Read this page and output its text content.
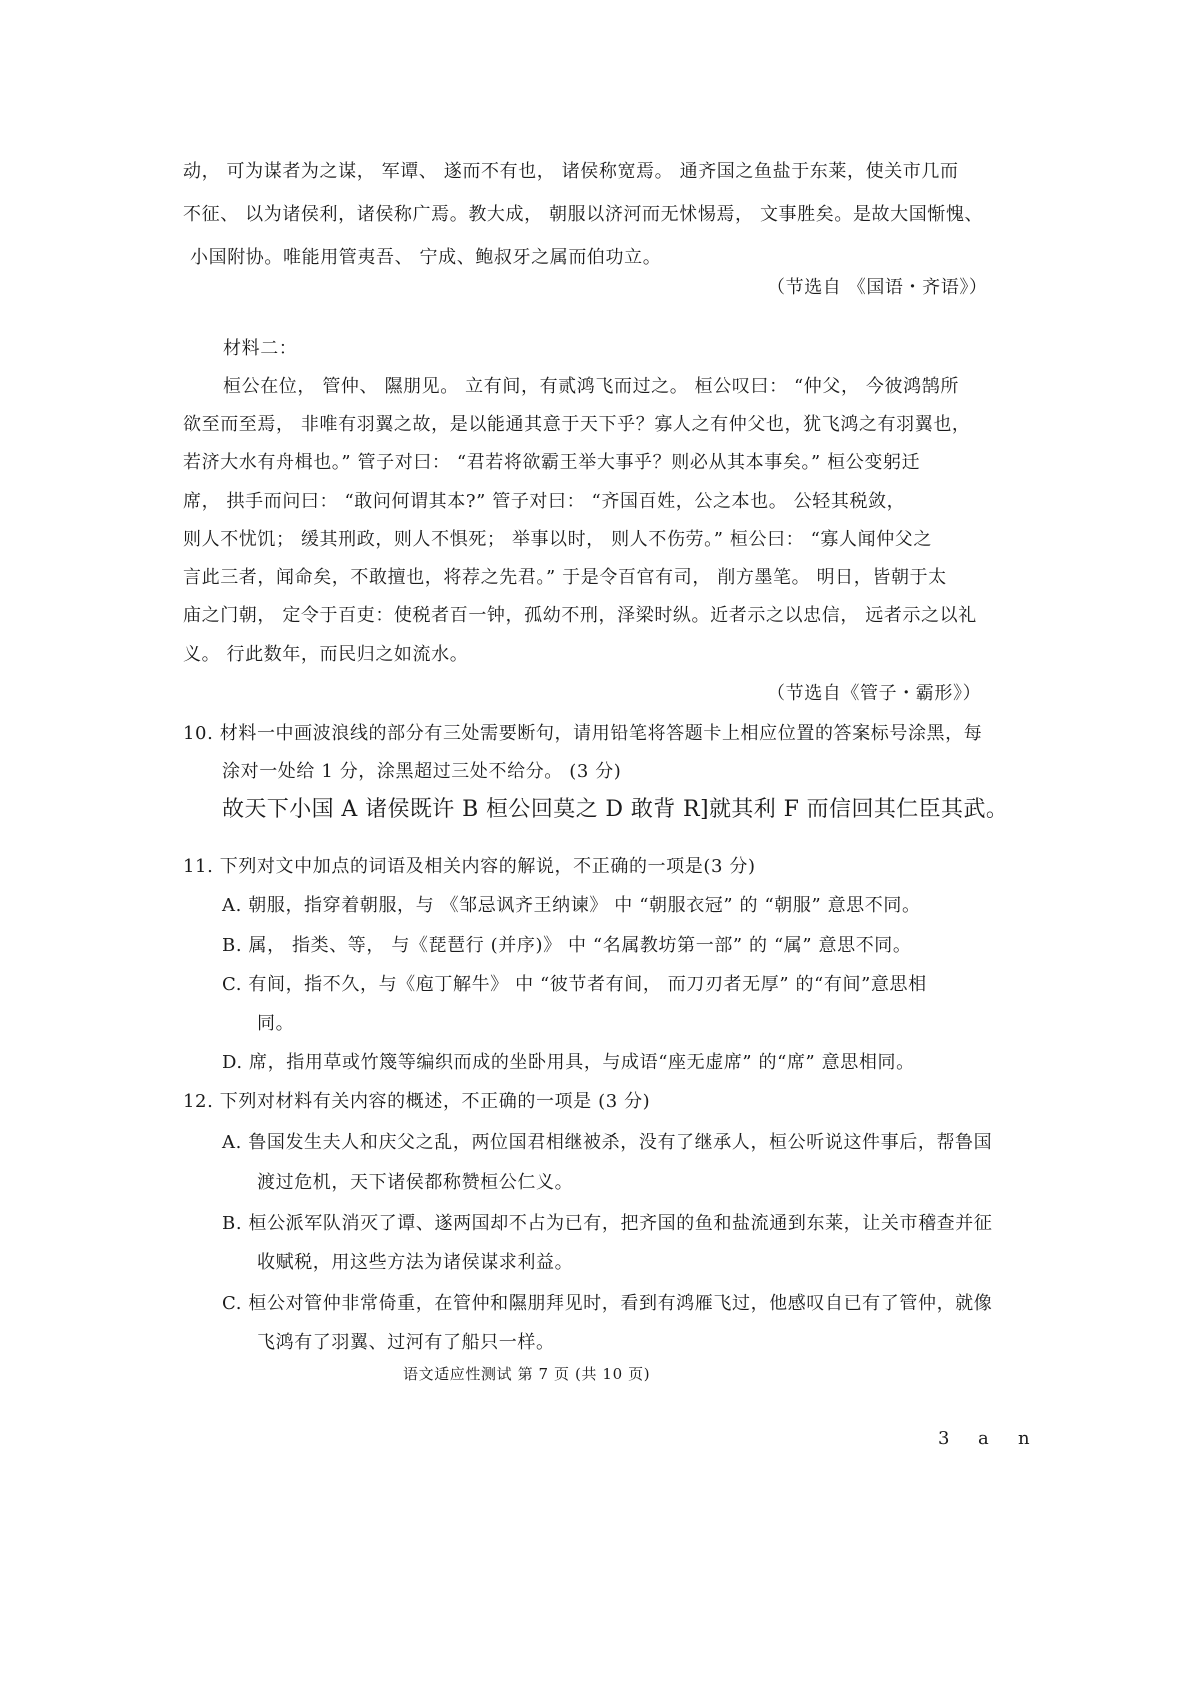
动， 可为谋者为之谋， 军谭、 遂而不有也， 诸侯称宽焉。 通齐国之鱼盐于东莱，使关市几而
不征、 以为诸侯利，诸侯称广焉。教大成， 朝服以济河而无怵惕焉， 文事胜矣。是故大国惭愧、
小国附协。唯能用管夷吾、 宁成、鲍叔牙之属而伯功立。
（节选自 《国语・齐语》）
材料二：
桓公在位， 管仲、 隰朋见。 立有间，有贰鸿飞而过之。 桓公叹曰： “仲父， 今彼鸿鹄所
欲至而至焉， 非唯有羽翼之故，是以能通其意于天下乎？寡人之有仲父也，犹飞鸿之有羽翼也，
若济大水有舟楫也。” 管子对曰： “君若将欲霸王举大事乎？则必从其本事矣。” 桓公变躬迁
席， 拱手而问曰： “敢问何谓其本?” 管子对曰： “齐国百姓，公之本也。 公轻其税敛，
则人不忧饥； 缓其刑政，则人不惧死； 举事以时， 则人不伤劳。” 桓公曰： “寡人闻仲父之
言此三者，闻命矣，不敢擅也，将荐之先君。” 于是令百官有司， 削方墨笔。 明日，皆朝于太
庙之门朝， 定令于百吏：使税者百一钟，孤幼不刑，泽梁时纵。近者示之以忠信， 远者示之以礼
义。 行此数年，而民归之如流水。
（节选自《管子・霸形》）
10. 材料一中画波浪线的部分有三处需要断句，请用铅笔将答题卡上相应位置的答案标号涂黑，每
涂对一处给 1 分，涂黑超过三处不给分。 (3 分)
故天下小国 A 诸侯既许 B 桓公回莫之 D 敢背 R]就其利 F 而信回其仁臣其武。
11. 下列对文中加点的词语及相关内容的解说，不正确的一项是(3 分)
A. 朝服，指穿着朝服，与 《邹忌讽齐王纳谏》 中 “朝服衣冠” 的 “朝服” 意思不同。
B. 属， 指类、等， 与《琵琶行 (并序)》 中 “名属教坊第一部” 的 “属” 意思不同。
C. 有间，指不久，与《庖丁解牛》 中 “彼节者有间， 而刀刃者无厚” 的“有间”意思相
同。
D. 席，指用草或竹篾等编织而成的坐卧用具，与成语“座无虚席” 的“席” 意思相同。
12. 下列对材料有关内容的概述，不正确的一项是 (3 分)
A. 鲁国发生夫人和庆父之乱，两位国君相继被杀，没有了继承人，桓公听说这件事后，帮鲁国
渡过危机，天下诸侯都称赞桓公仁义。
B. 桓公派军队消灭了谭、遂两国却不占为已有，把齐国的鱼和盐流通到东莱，让关市稽查并征
收赋税，用这些方法为诸侯谋求利益。
C. 桓公对管仲非常倚重，在管仲和隰朋拜见时，看到有鸿雁飞过，他感叹自已有了管仲，就像
飞鸿有了羽翼、过河有了船只一样。
语文适应性测试 第 7 页 (共 10 页)
3 a n
